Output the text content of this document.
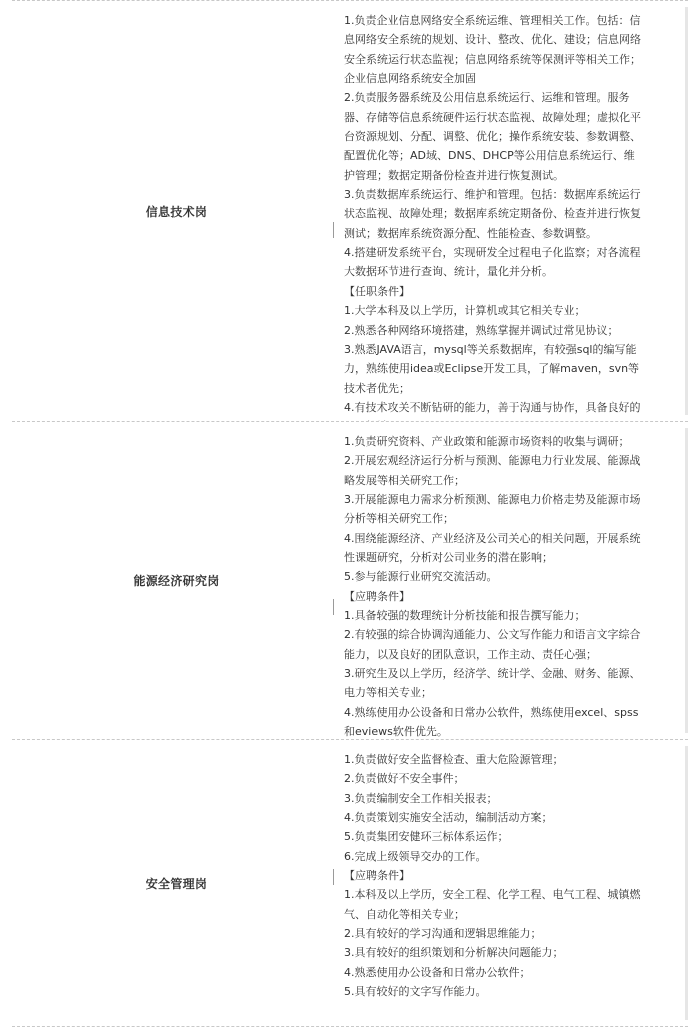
信息技术岗
1.负责企业信息网络安全系统运维、管理相关工作。包括：信
息网络安全系统的规划、设计、整改、优化、建设；信息网络
安全系统运行状态监视；信息网络系统等保测评等相关工作；
企业信息网络系统安全加固
2.负责服务器系统及公用信息系统运行、运维和管理。服务
器、存储等信息系统硬件运行状态监视、故障处理；虚拟化平
台资源规划、分配、调整、优化；操作系统安装、参数调整、
配置优化等；AD域、DNS、DHCP等公用信息系统运行、维
护管理；数据定期备份检查并进行恢复测试。
3.负责数据库系统运行、维护和管理。包括：数据库系统运行
状态监视、故障处理；数据库系统定期备份、检查并进行恢复
测试；数据库系统资源分配、性能检查、参数调整。
4.搭建研发系统平台，实现研发全过程电子化监察；对各流程
大数据环节进行查询、统计，量化并分析。
【任职条件】
1.大学本科及以上学历，计算机或其它相关专业；
2.熟悉各种网络环境搭建，熟练掌握并调试过常见协议；
3.熟悉JAVA语言，mysql等关系数据库，有较强sql的编写能
力，熟练使用idea或Eclipse开发工具，了解maven，svn等
技术者优先；
4.有技术攻关不断钻研的能力，善于沟通与协作，具备良好的
能源经济研究岗
1.负责研究资料、产业政策和能源市场资料的收集与调研；
2.开展宏观经济运行分析与预测、能源电力行业发展、能源战
略发展等相关研究工作；
3.开展能源电力需求分析预测、能源电力价格走势及能源市场
分析等相关研究工作；
4.围绕能源经济、产业经济及公司关心的相关问题，开展系统
性课题研究，分析对公司业务的潜在影响；
5.参与能源行业研究交流活动。
【应聘条件】
1.具备较强的数理统计分析技能和报告撰写能力；
2.有较强的综合协调沟通能力、公文写作能力和语言文字综合
能力，以及良好的团队意识，工作主动、责任心强；
3.研究生及以上学历，经济学、统计学、金融、财务、能源、
电力等相关专业；
4.熟练使用办公设备和日常办公软件，熟练使用excel、spss
和eviews软件优先。
安全管理岗
1.负责做好安全监督检查、重大危险源管理；
2.负责做好不安全事件；
3.负责编制安全工作相关报表；
4.负责策划实施安全活动，编制活动方案；
5.负责集团安健环三标体系运作；
6.完成上级领导交办的工作。
【应聘条件】
1.本科及以上学历，安全工程、化学工程、电气工程、城镇燃
气、自动化等相关专业；
2.具有较好的学习沟通和逻辑思维能力；
3.具有较好的组织策划和分析解决问题能力；
4.熟悉使用办公设备和日常办公软件；
5.具有较好的文字写作能力。
